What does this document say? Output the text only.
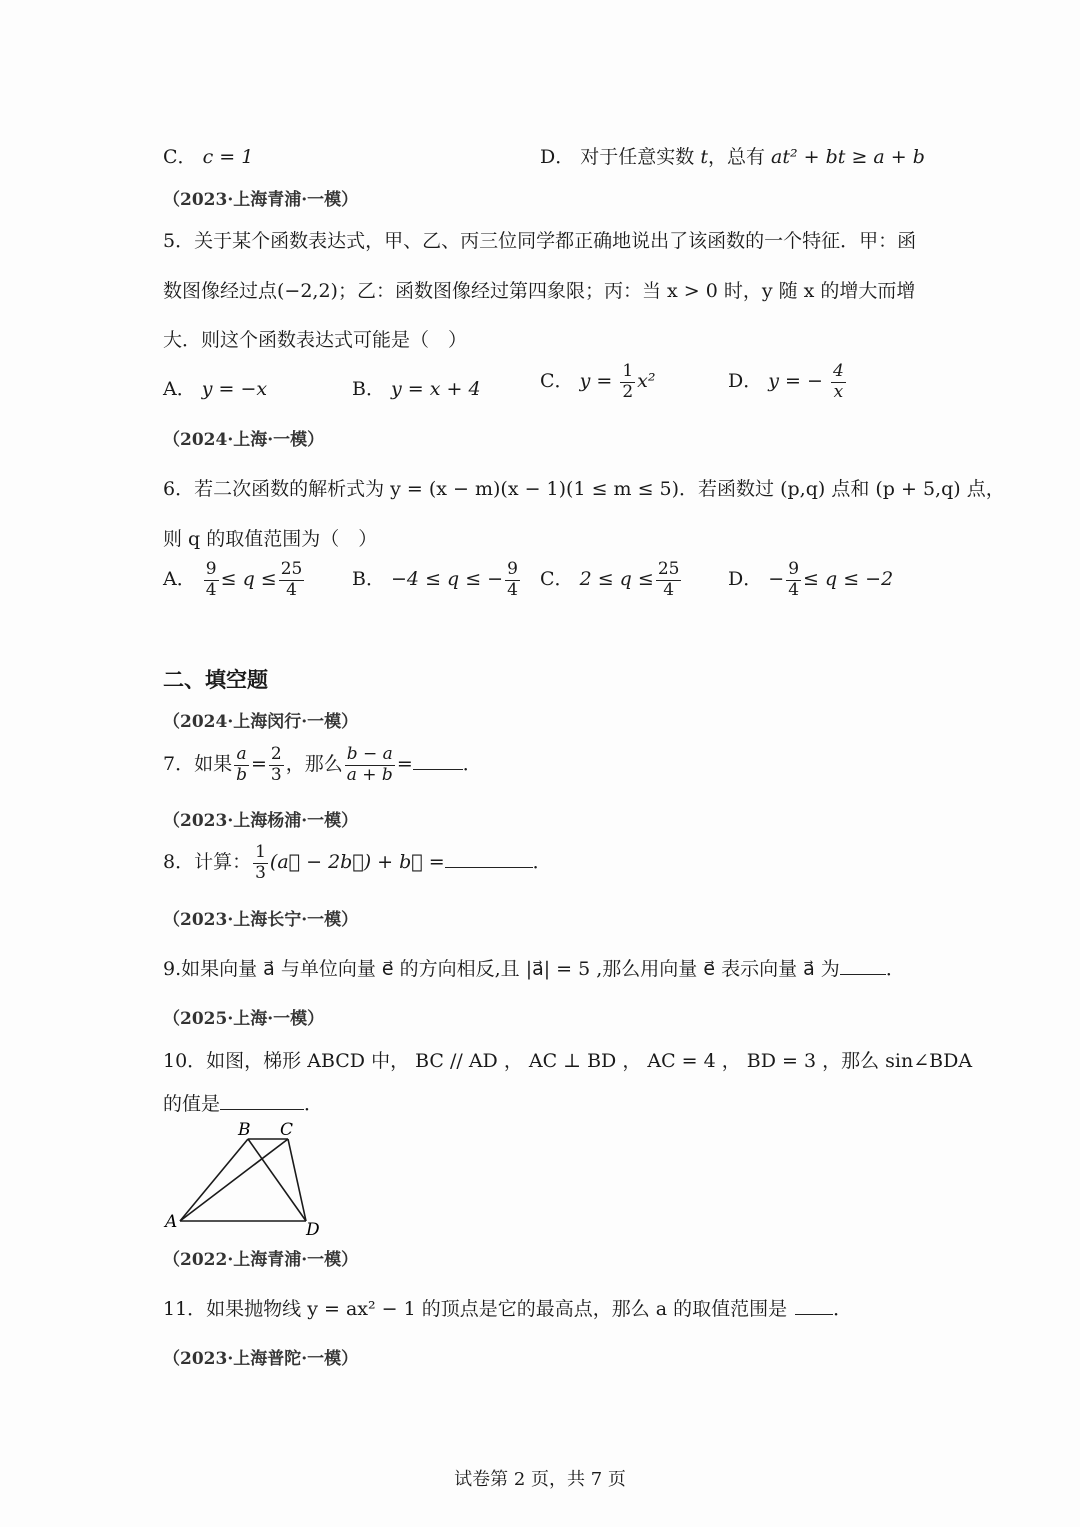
C． c = 1	D． 对于任意实数 t，总有 at² + bt ≥ a + b
（2023·上海青浦·一模）
5．关于某个函数表达式，甲、乙、丙三位同学都正确地说出了该函数的一个特征．甲：函
数图像经过点(−2,2)；乙：函数图像经过第四象限；丙：当 x > 0 时，y 随 x 的增大而增
大．则这个函数表达式可能是（　）
A． y = −x	B． y = x + 4	C． $y = \frac{1}{2} x^2$	D． y = − $\frac{4}{x}$
（2024·上海·一模）
6．若二次函数的解析式为 y = (x − m)(x − 1)(1 ≤ m ≤ 5)．若函数过 (p,q) 点和 (p + 5,q) 点，
则 q 的取值范围为（　）
A． $\frac{9}{4} \le q \le \frac{25}{4}$	B． −4 ≤ q ≤ − $\frac{9}{4}$ C． $2 \le q \le \frac{25}{4}$ D． − $\frac{9}{4} \le q \le -2$
二、填空题
（2024·上海闵行·一模）
7．如果 $\frac{a}{b} = \frac{2}{3}$ ，那么 $\frac{b - a}{a + b}$ =	．
（2023·上海杨浦·一模）
8．计算： $\frac{1}{3}$ (a⃗ − 2b⃗) + b⃗ =	．
（2023·上海长宁·一模）
9.如果向量 a⃗ 与单位向量 e⃗ 的方向相反,且 |a⃗| = 5 ,那么用向量 e⃗ 表示向量 a⃗ 为 ．
（2025·上海·一模）
10．如图，梯形 ABCD 中， BC // AD ， AC ⊥ BD ， AC = 4 ， BD = 3 ，那么 sin∠BDA
的值是	．
A
B C
D
（2022·上海青浦·一模）
11．如果抛物线 y = ax² − 1 的顶点是它的最高点，那么 a 的取值范围是 ．
（2023·上海普陀·一模）
试卷第 2 页，共 7 页
